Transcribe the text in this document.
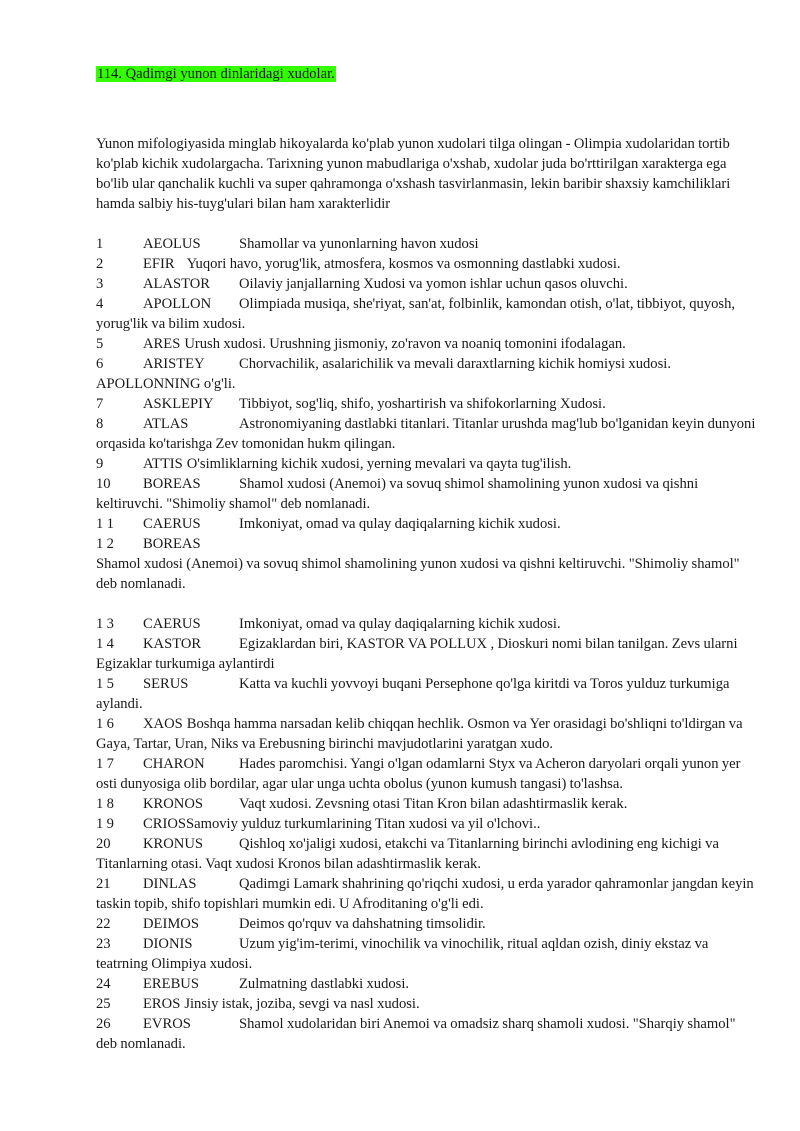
114. Qadimgi yunon dinlaridagi xudolar.

Yunon mifologiyasida minglab hikoyalarda ko'plab yunon xudolari tilga olingan - Olimpia xudolaridan tortib ko'plab kichik xudolargacha. Tarixning yunon mabudlariga o'xshab, xudolar juda bo'rttirilgan xarakterga ega bo'lib ular qanchalik kuchli va super qahramonga o'xshash tasvirlanmasin, lekin baribir shaxsiy kamchiliklari hamda salbiy his-tuyg'ulari bilan ham xarakterlidir

1	AEOLUS	Shamollar va yunonlarning havon xudosi

2	EFIR Yuqori havo, yorug'lik, atmosfera, kosmos va osmonning dastlabki xudosi.

3	ALASTOR Oilaviy janjallarning Xudosi va yomon ishlar uchun qasos oluvchi.

4	APOLLON Olimpiada musiqa, she'riyat, san'at, folbinlik, kamondan otish, o'lat, tibbiyot, quyosh, yorug'lik va bilim xudosi.

5	ARES Urush xudosi. Urushning jismoniy, zo'ravon va noaniq tomonini ifodalagan.

6	ARISTEY Chorvachilik, asalarichilik va mevali daraxtlarning kichik homiysi xudosi. APOLLONNING o'g'li.

7	ASKLEPIY Tibbiyot, sog'liq, shifo, yoshartirish va shifokorlarning Xudosi.

8	ATLAS	Astronomiyaning dastlabki titanlari. Titanlar urushda mag'lub bo'lganidan keyin dunyoni orqasida ko'tarishga Zev tomonidan hukm qilingan.

9	ATTIS O'simliklarning kichik xudosi, yerning mevalari va qayta tug'ilish.

10 BOREAS	Shamol xudosi (Anemoi) va sovuq shimol shamolining yunon xudosi va qishni keltiruvchi. "Shimoliy shamol" deb nomlanadi.

1 1 CAERUS	Imkoniyat, omad va qulay daqiqalarning kichik xudosi.

1 2 BOREAS

Shamol xudosi (Anemoi) va sovuq shimol shamolining yunon xudosi va qishni keltiruvchi. "Shimoliy shamol" deb nomlanadi.

1 3 CAERUS	Imkoniyat, omad va qulay daqiqalarning kichik xudosi.

1 4 KASTOR	Egizaklardan biri, KASTOR VA POLLUX , Dioskuri nomi bilan tanilgan. Zevs ularni Egizaklar turkumiga aylantirdi

1 5 SERUS	Katta va kuchli yovvoyi buqani Persephone qo'lga kiritdi va Toros yulduz turkumiga aylandi.

1 6 XAOS Boshqa hamma narsadan kelib chiqqan hechlik. Osmon va Yer orasidagi bo'shliqni to'ldirgan va Gaya, Tartar, Uran, Niks va Erebusning birinchi mavjudotlarini yaratgan xudo.

1 7 CHARON Hades paromchisi. Yangi o'lgan odamlarni Styx va Acheron daryolari orqali yunon yer osti dunyosiga olib bordilar, agar ular unga uchta obolus (yunon kumush tangasi) to'lashsa.

1 8 KRONOS Vaqt xudosi. Zevsning otasi Titan Kron bilan adashtirmaslik kerak.

1 9 CRIOSSamoviy yulduz turkumlarining Titan xudosi va yil o'lchovi..

20 KRONUS Qishloq xo'jaligi xudosi, etakchi va Titanlarning birinchi avlodining eng kichigi va Titanlarning otasi. Vaqt xudosi Kronos bilan adashtirmaslik kerak.

21 DINLAS	Qadimgi Lamark shahrining qo'riqchi xudosi, u erda yarador qahramonlar jangdan keyin taskin topib, shifo topishlari mumkin edi. U Afroditaning o'g'li edi.

22 DEIMOS	Deimos qo'rquv va dahshatning timsolidir.

23 DIONIS	Uzum yig'im-terimi, vinochilik va vinochilik, ritual aqldan ozish, diniy ekstaz va teatrning Olimpiya xudosi.

24 EREBUS	Zulmatning dastlabki xudosi.

25 EROS Jinsiy istak, joziba, sevgi va nasl xudosi.

26 EVROS	Shamol xudolaridan biri Anemoi va omadsiz sharq shamoli xudosi. "Sharqiy shamol" deb nomlanadi.
